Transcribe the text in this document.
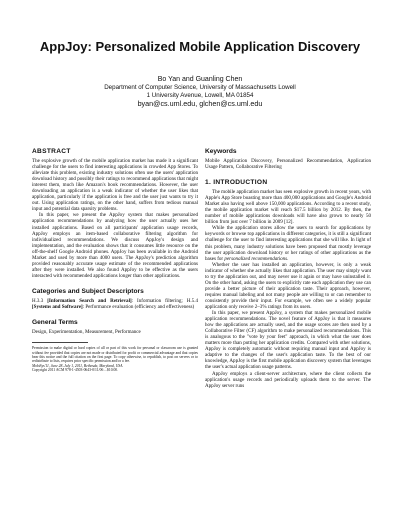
AppJoy: Personalized Mobile Application Discovery
Bo Yan and Guanling Chen
Department of Computer Science, University of Massachusetts Lowell
1 University Avenue, Lowell, MA 01854
byan@cs.uml.edu, glchen@cs.uml.edu
ABSTRACT

The explosive growth of the mobile application market has made it a significant challenge for the users to find interesting applications in crowded App Stores. To alleviate this problem, existing industry solutions often use the users' application download history and possibly their ratings to recommend applications that might interest them, much like Amazon's book recommendations. However, the user downloading an application is a weak indicator of whether the user likes that application, particularly if the application is free and the user just wants to try it out. Using application ratings, on the other hand, suffers from tedious manual input and potential data sparsity problems.

In this paper, we present the AppJoy system that makes personalized application recommendations by analyzing how the user actually uses her installed applications. Based on all participants' application usage records, AppJoy employs an item-based collaborative filtering algorithm for individualized recommendations. We discuss AppJoy's design and implementation, and the evaluation shows that it consumes little resource on the off-the-shelf Google Android phones. AppJoy has been available in the Android Market and used by more than 4000 users. The AppJoy's prediction algorithm provided reasonably accurate usage estimate of the recommended applications after they were installed. We also found AppJoy to be effective as the users interacted with recommended applications longer than other applications.

Categories and Subject Descriptors

H.3.3 [Information Search and Retrieval]: Information filtering; H.5.4 [Systems and Software]: Performance evaluation (efficiency and effectiveness)

General Terms

Design, Experimentation, Measurement, Performance

Permission to make digital or hard copies of all or part of this work for personal or classroom use is granted without fee provided that copies are not made or distributed for profit or commercial advantage and that copies bear this notice and the full citation on the first page. To copy otherwise, to republish, to post on servers or to redistribute to lists, requires prior specific permission and/or a fee.

MobiSys'11, June 28–July 1, 2011, Bethesda, Maryland, USA.

Copyright 2011 ACM 978-1-4503-0643-0/11/06 ...$10.00.

Keywords

Mobile Application Discovery, Personalized Recommendation, Application Usage Pattern, Collaborative Filtering

1. INTRODUCTION

The mobile application market has seen explosive growth in recent years, with Apple's App Store boasting more than 400,000 applications and Google's Android Market also having well above 150,000 applications. According to a recent study, the mobile application market will reach $17.5 billion by 2012. By then, the number of mobile applications downloads will have also grown to nearly 50 billion from just over 7 billion in 2009 [12].

While the application stores allow the users to search for applications by keywords or browse top applications in different categories, it is still a significant challenge for the user to find interesting applications that she will like. In light of this problem, many industry solutions have been proposed that mostly leverage the user application download history or her ratings of other applications as the bases for personalized recommendations.

Whether the user has installed an application, however, is only a weak indicator of whether she actually likes that application. The user may simply want to try the application out, and may never use it again or may have uninstalled it. On the other hand, asking the users to explicitly rate each application they use can provide a better picture of their application taste. Their approach, however, requires manual labeling and not many people are willing to or can remember to consistently provide their input. For example, we often see a widely popular application only receive 2–3% ratings from its users.

In this paper, we present AppJoy, a system that makes personalized mobile application recommendations. The novel feature of AppJoy is that it measures how the applications are actually used, and the usage scores are then used by a Collaborative Filter (CF) algorithm to make personalized recommendations. This is analogous to the "vote by your feet" approach, in which what the user does matters more than putting her application credits. Compared with other solutions, AppJoy is completely automatic without requiring manual input and AppJoy is adaptive to the changes of the user's application taste. To the best of our knowledge, AppJoy is the first mobile application discovery system that leverages the user's actual application usage patterns.

AppJoy employs a client-server architecture, where the client collects the application's usage records and periodically uploads them to the server. The AppJoy server runs
